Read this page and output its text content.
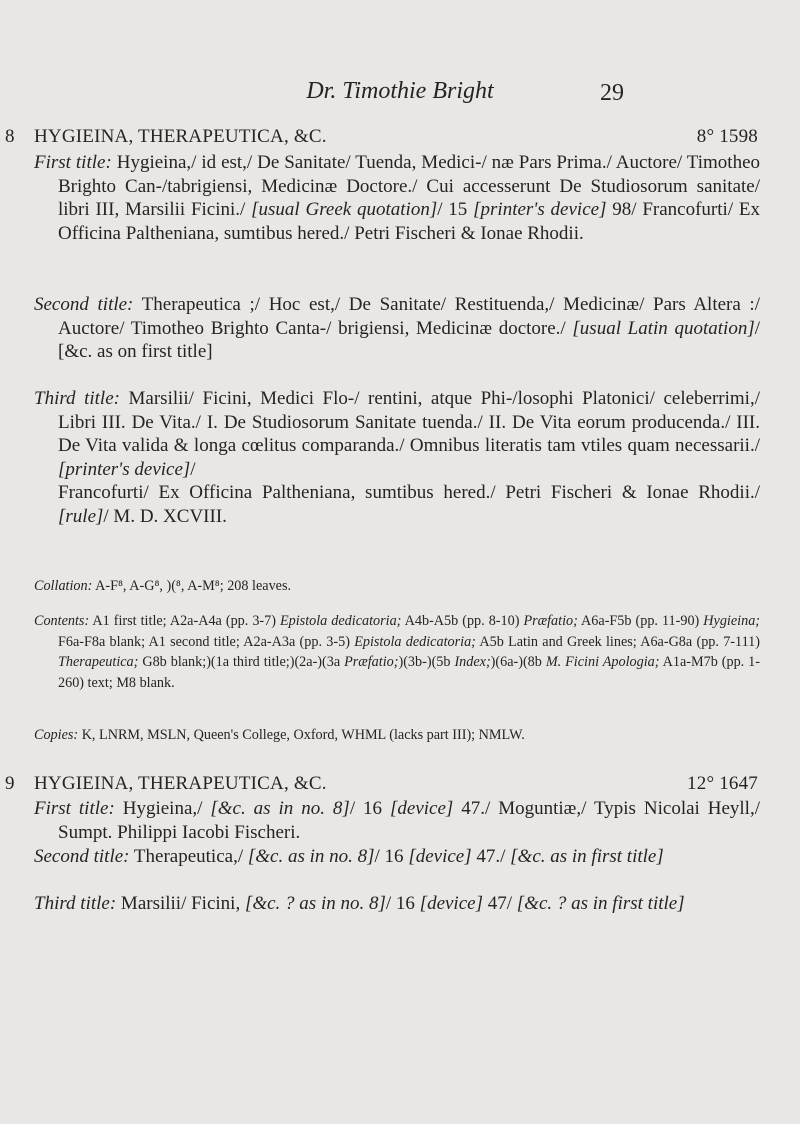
Dr. Timothie Bright	29
8 HYGIEINA, THERAPEUTICA, &C.	8° 1598
First title: Hygieina,/ id est,/ De Sanitate/ Tuenda, Medici-/ næ Pars Prima./ Auctore/ Timotheo Brighto Can-/tabrigiensi, Medicinæ Doctore./ Cui accesserunt De Studiosorum sanitate/ libri III, Marsilii Ficini./ [usual Greek quotation]/ 15 [printer's device] 98/ Francofurti/ Ex Officina Paltheniana, sumtibus hered./ Petri Fischeri & Ionae Rhodii.
Second title: Therapeutica ;/ Hoc est,/ De Sanitate/ Restituenda,/ Medicinæ/ Pars Altera :/ Auctore/ Timotheo Brighto Canta-/ brigiensi, Medicinæ doctore./ [usual Latin quotation]/ [&c. as on first title]
Third title: Marsilii/ Ficini, Medici Flo-/ rentini, atque Phi-/losophi Platonici/ celeberrimi,/ Libri III. De Vita./ I. De Studiosorum Sanitate tuenda./ II. De Vita eorum producenda./ III. De Vita valida & longa cœlitus comparanda./ Omnibus literatis tam vtiles quam necessarii./ [printer's device]/
Francofurti/ Ex Officina Paltheniana, sumtibus hered./ Petri Fischeri & Ionae Rhodii./ [rule]/ M. D. XCVIII.
Collation: A-F⁸, A-G⁸, )(⁸, A-M⁸; 208 leaves.
Contents: A1 first title; A2a-A4a (pp. 3-7) Epistola dedicatoria; A4b-A5b (pp. 8-10) Præfatio; A6a-F5b (pp. 11-90) Hygieina; F6a-F8a blank; A1 second title; A2a-A3a (pp. 3-5) Epistola dedicatoria; A5b Latin and Greek lines; A6a-G8a (pp. 7-111) Therapeutica; G8b blank;)(1a third title;)(2a-)(3a Præfatio;)(3b-)(5b Index;)(6a-)(8b M. Ficini Apologia; A1a-M7b (pp. 1-260) text; M8 blank.
Copies: K, LNRM, MSLN, Queen's College, Oxford, WHML (lacks part III); NMLW.
9 HYGIEINA, THERAPEUTICA, &C.	12° 1647
First title: Hygieina,/ [&c. as in no. 8]/ 16 [device] 47./ Moguntiæ,/ Typis Nicolai Heyll,/ Sumpt. Philippi Iacobi Fischeri.
Second title: Therapeutica,/ [&c. as in no. 8]/ 16 [device] 47./ [&c. as in first title]
Third title: Marsilii/ Ficini, [&c. ? as in no. 8]/ 16 [device] 47/ [&c. ? as in first title]
